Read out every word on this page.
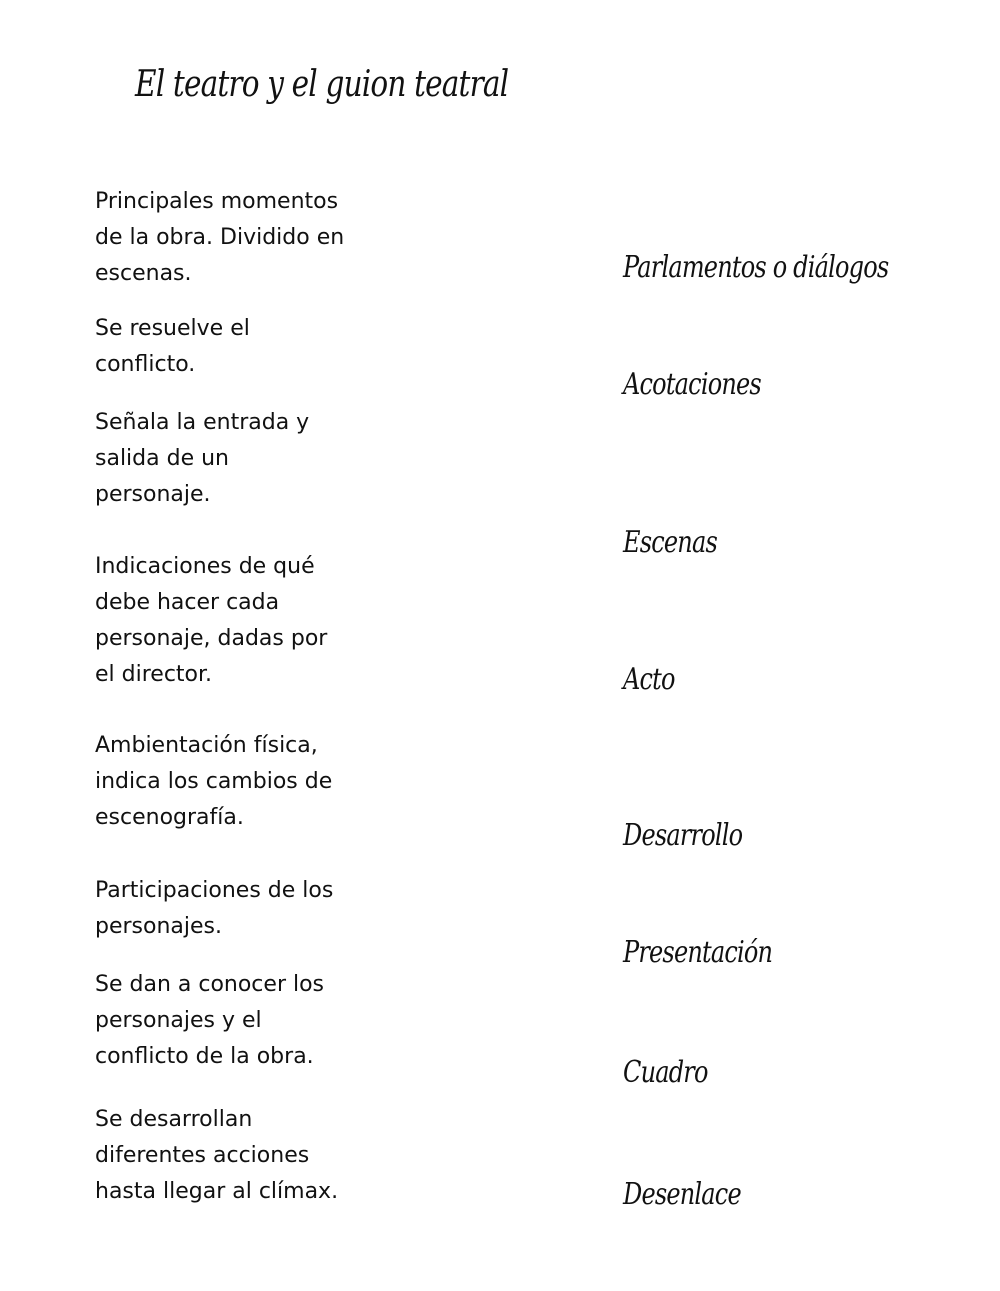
El teatro y el guion teatral

Principales momentos
de la obra. Dividido en
escenas.

Se resuelve el
conflicto.

Señala la entrada y
salida de un
personaje.

Indicaciones de qué
debe hacer cada
personaje, dadas por
el director.

Ambientación física,
indica los cambios de
escenografía.

Participaciones de los
personajes.

Se dan a conocer los
personajes y el
conflicto de la obra.

Se desarrollan
diferentes acciones
hasta llegar al clímax.

Parlamentos o diálogos
Acotaciones
Escenas
Acto
Desarrollo
Presentación
Cuadro
Desenlace
